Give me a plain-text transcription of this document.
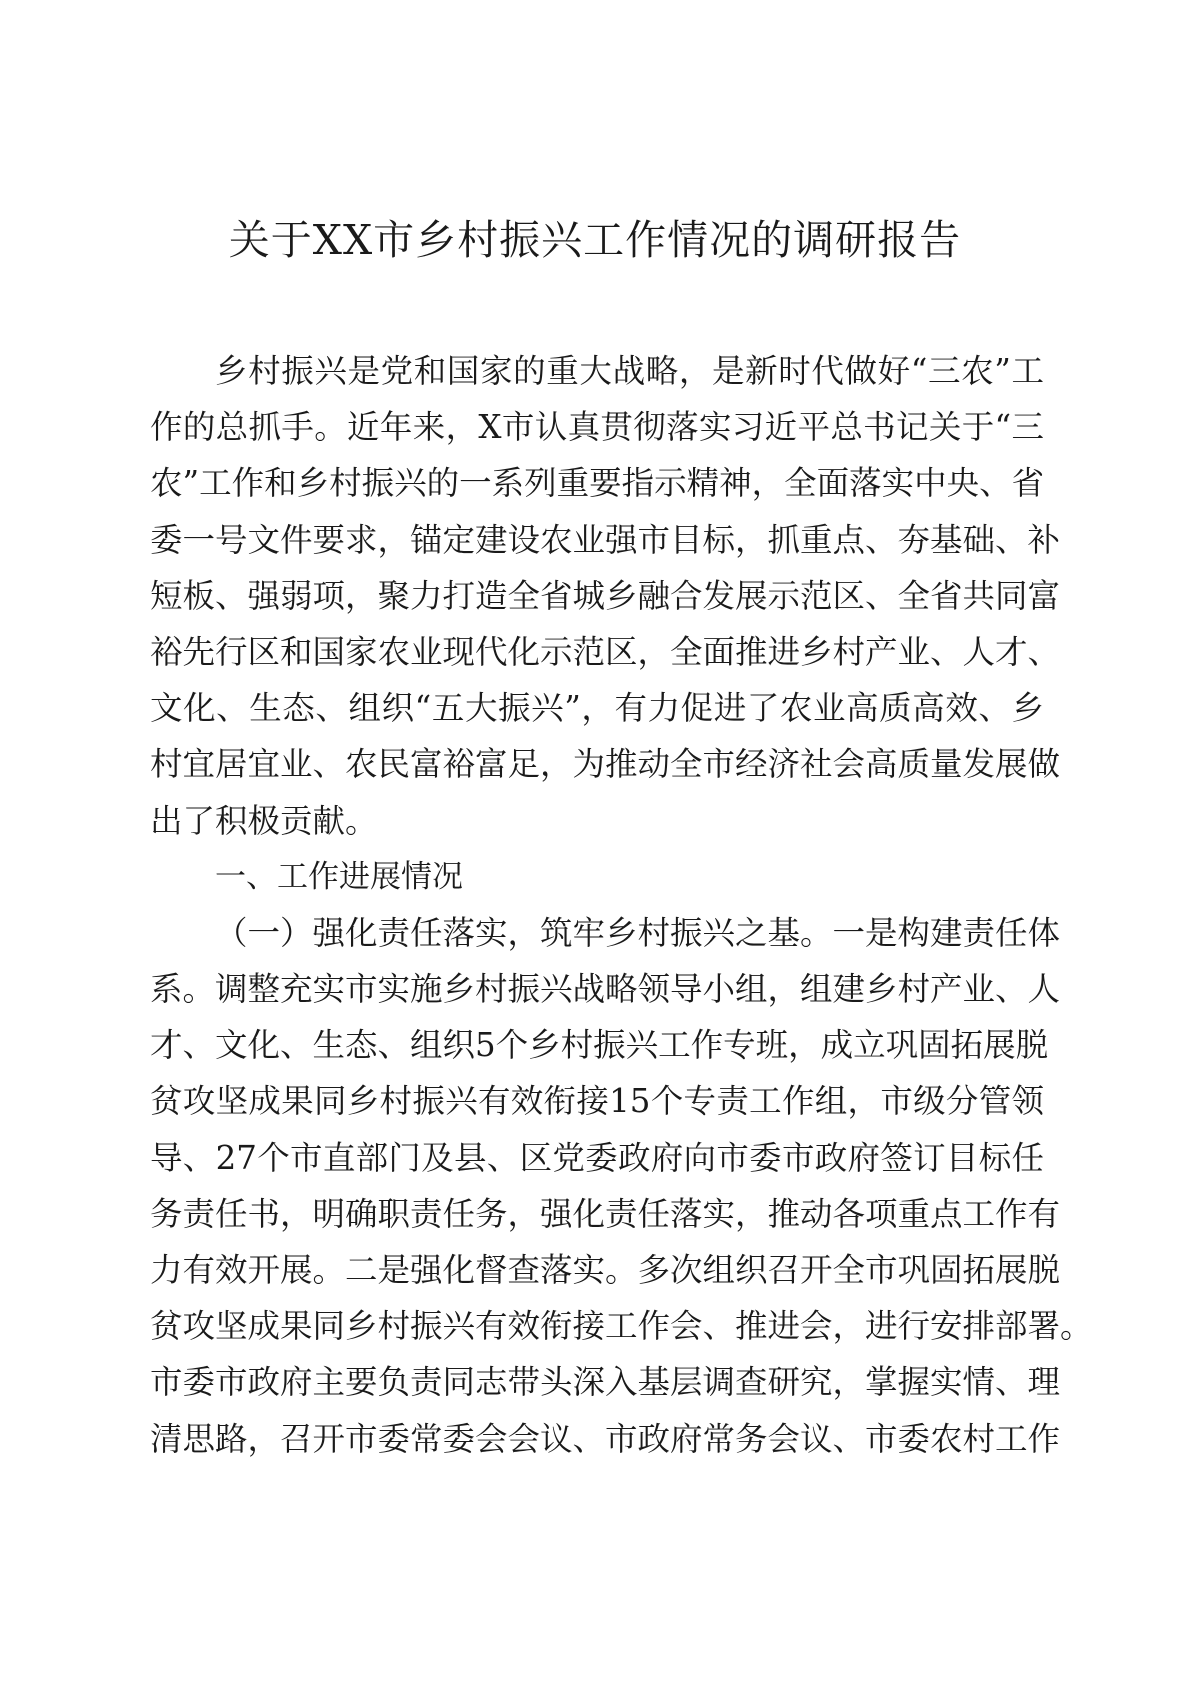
关于XX市乡村振兴工作情况的调研报告
乡村振兴是党和国家的重大战略，是新时代做好“三农”工
作的总抓手。近年来，X市认真贯彻落实习近平总书记关于“三
农”工作和乡村振兴的一系列重要指示精神，全面落实中央、省
委一号文件要求，锚定建设农业强市目标，抓重点、夯基础、补
短板、强弱项，聚力打造全省城乡融合发展示范区、全省共同富
裕先行区和国家农业现代化示范区，全面推进乡村产业、人才、
文化、生态、组织“五大振兴”，有力促进了农业高质高效、乡
村宜居宜业、农民富裕富足，为推动全市经济社会高质量发展做
出了积极贡献。
一、工作进展情况
（一）强化责任落实，筑牢乡村振兴之基。一是构建责任体
系。调整充实市实施乡村振兴战略领导小组，组建乡村产业、人
才、文化、生态、组织5个乡村振兴工作专班，成立巩固拓展脱
贫攻坚成果同乡村振兴有效衔接15个专责工作组，市级分管领
导、27个市直部门及县、区党委政府向市委市政府签订目标任
务责任书，明确职责任务，强化责任落实，推动各项重点工作有
力有效开展。二是强化督查落实。多次组织召开全市巩固拓展脱
贫攻坚成果同乡村振兴有效衔接工作会、推进会，进行安排部署。
市委市政府主要负责同志带头深入基层调查研究，掌握实情、理
清思路，召开市委常委会会议、市政府常务会议、市委农村工作
